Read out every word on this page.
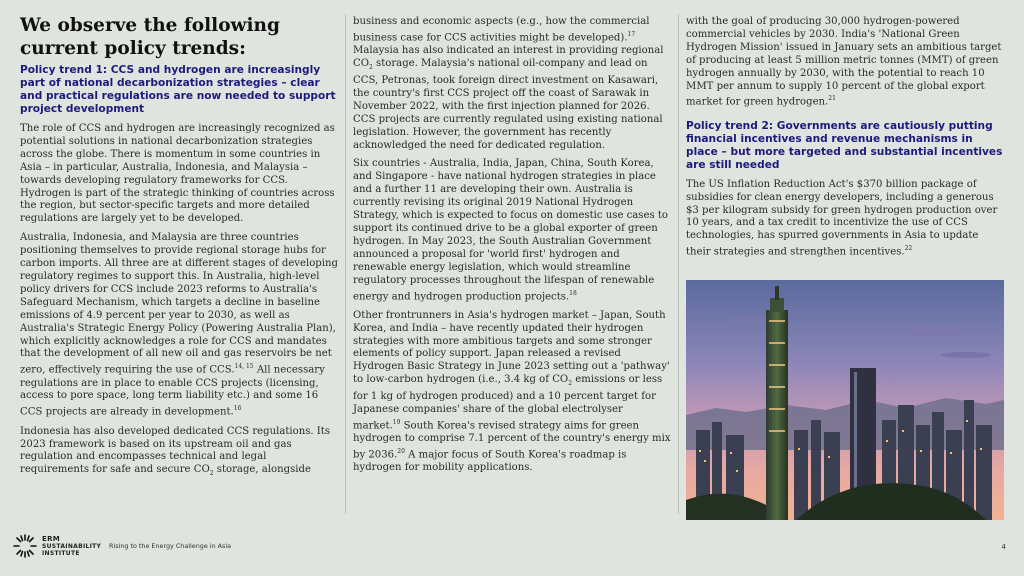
We observe the following current policy trends:
Policy trend 1: CCS and hydrogen are increasingly part of national decarbonization strategies – clear and practical regulations are now needed to support project development

The role of CCS and hydrogen are increasingly recognized as potential solutions in national decarbonization strategies across the globe. There is momentum in some countries in Asia – in particular, Australia, Indonesia, and Malaysia – towards developing regulatory frameworks for CCS. Hydrogen is part of the strategic thinking of countries across the region, but sector-specific targets and more detailed regulations are largely yet to be developed.

Australia, Indonesia, and Malaysia are three countries positioning themselves to provide regional storage hubs for carbon imports. All three are at different stages of developing regulatory regimes to support this. In Australia, high-level policy drivers for CCS include 2023 reforms to Australia's Safeguard Mechanism, which targets a decline in baseline emissions of 4.9 percent per year to 2030, as well as Australia's Strategic Energy Policy (Powering Australia Plan), which explicitly acknowledges a role for CCS and mandates that the development of all new oil and gas reservoirs be net zero, effectively requiring the use of CCS.$^{14, 15}$ All necessary regulations are in place to enable CCS projects (licensing, access to pore space, long term liability etc.) and some 16 CCS projects are already in development.$^{16}$

Indonesia has also developed dedicated CCS regulations. Its 2023 framework is based on its upstream oil and gas regulation and encompasses technical and legal requirements for safe and secure $CO_2$ storage, alongside

business and economic aspects (e.g., how the commercial business case for CCS activities might be developed).$^{17}$ Malaysia has also indicated an interest in providing regional $CO_2$ storage. Malaysia's national oil-company and lead on CCS, Petronas, took foreign direct investment on Kasawari, the country's first CCS project off the coast of Sarawak in November 2022, with the first injection planned for 2026. CCS projects are currently regulated using existing national legislation. However, the government has recently acknowledged the need for dedicated regulation.

Six countries - Australia, India, Japan, China, South Korea, and Singapore - have national hydrogen strategies in place and a further 11 are developing their own. Australia is currently revising its original 2019 National Hydrogen Strategy, which is expected to focus on domestic use cases to support its continued drive to be a global exporter of green hydrogen. In May 2023, the South Australian Government announced a proposal for 'world first' hydrogen and renewable energy legislation, which would streamline regulatory processes throughout the lifespan of renewable energy and hydrogen production projects.$^{18}$

Other frontrunners in Asia's hydrogen market – Japan, South Korea, and India – have recently updated their hydrogen strategies with more ambitious targets and some stronger elements of policy support. Japan released a revised Hydrogen Basic Strategy in June 2023 setting out a 'pathway' to low-carbon hydrogen (i.e., 3.4 kg of $CO_2$ emissions or less for 1 kg of hydrogen produced) and a 10 percent target for Japanese companies' share of the global electrolyser market.$^{19}$ South Korea's revised strategy aims for green hydrogen to comprise 7.1 percent of the country's energy mix by 2036.20 A major focus of South Korea's roadmap is hydrogen for mobility applications.

with the goal of producing 30,000 hydrogen-powered commercial vehicles by 2030. India's 'National Green Hydrogen Mission' issued in January sets an ambitious target of producing at least 5 million metric tonnes (MMT) of green hydrogen annually by 2030, with the potential to reach 10 MMT per annum to supply 10 percent of the global export market for green hydrogen.$^{21}$

Policy trend 2: Governments are cautiously putting financial incentives and revenue mechanisms in place – but more targeted and substantial incentives are still needed

The US Inflation Reduction Act's $370 billion package of subsidies for clean energy developers, including a generous $3 per kilogram subsidy for green hydrogen production over 10 years, and a tax credit to incentivize the use of CCS technologies, has spurred governments in Asia to update their strategies and strengthen incentives.$^{22}$

ERM
SUSTAINABILITY
INSTITUTE
Rising to the Energy Challenge in Asia	4
